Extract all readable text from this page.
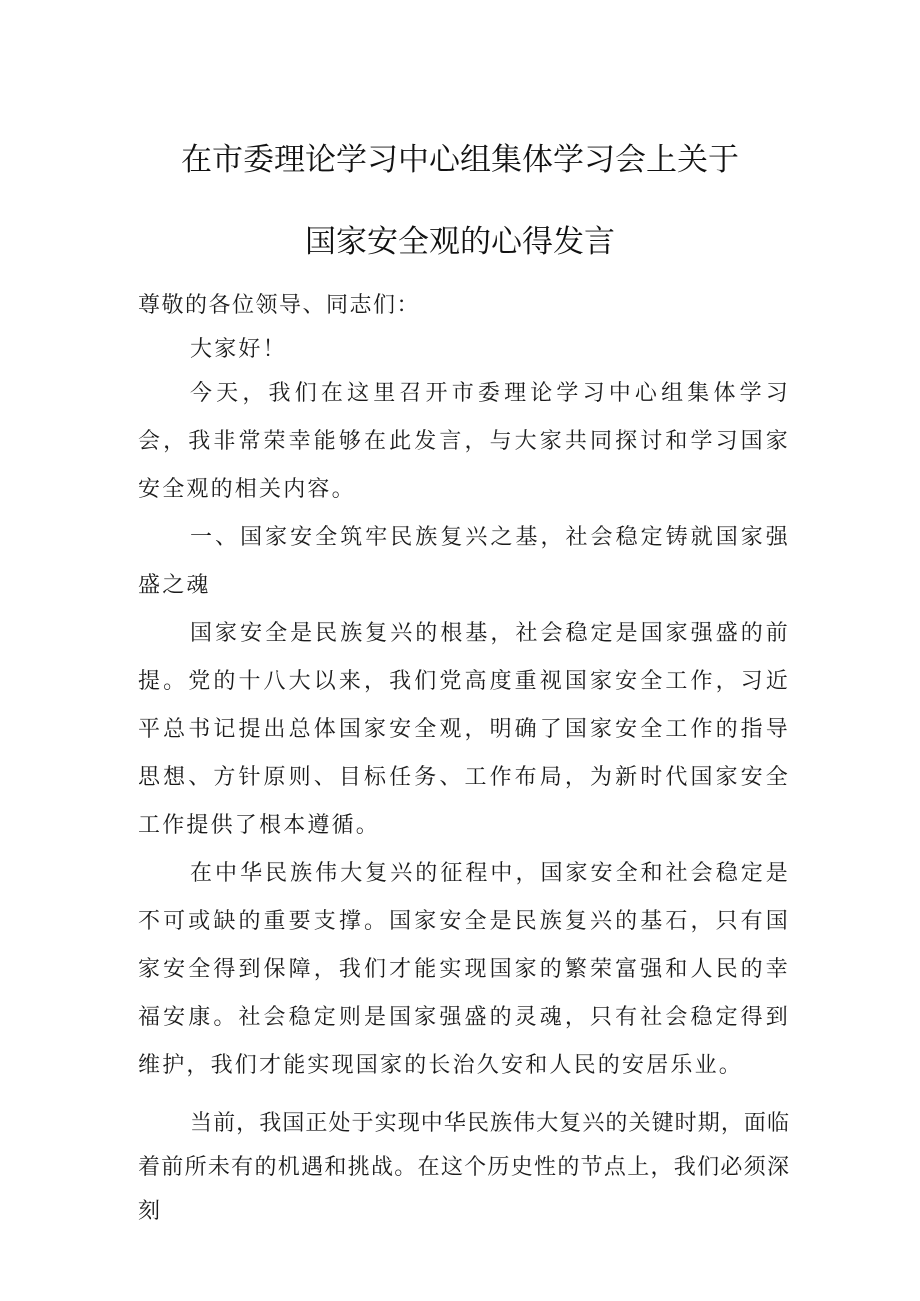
在市委理论学习中心组集体学习会上关于
国家安全观的心得发言

尊敬的各位领导、同志们：

大家好！

今天，我们在这里召开市委理论学习中心组集体学习会，我非常荣幸能够在此发言，与大家共同探讨和学习国家安全观的相关内容。

一、国家安全筑牢民族复兴之基，社会稳定铸就国家强盛之魂

国家安全是民族复兴的根基，社会稳定是国家强盛的前提。党的十八大以来，我们党高度重视国家安全工作，习近平总书记提出总体国家安全观，明确了国家安全工作的指导思想、方针原则、目标任务、工作布局，为新时代国家安全工作提供了根本遵循。

在中华民族伟大复兴的征程中，国家安全和社会稳定是不可或缺的重要支撑。国家安全是民族复兴的基石，只有国家安全得到保障，我们才能实现国家的繁荣富强和人民的幸福安康。社会稳定则是国家强盛的灵魂，只有社会稳定得到维护，我们才能实现国家的长治久安和人民的安居乐业。

当前，我国正处于实现中华民族伟大复兴的关键时期，面临着前所未有的机遇和挑战。在这个历史性的节点上，我们必须深刻
